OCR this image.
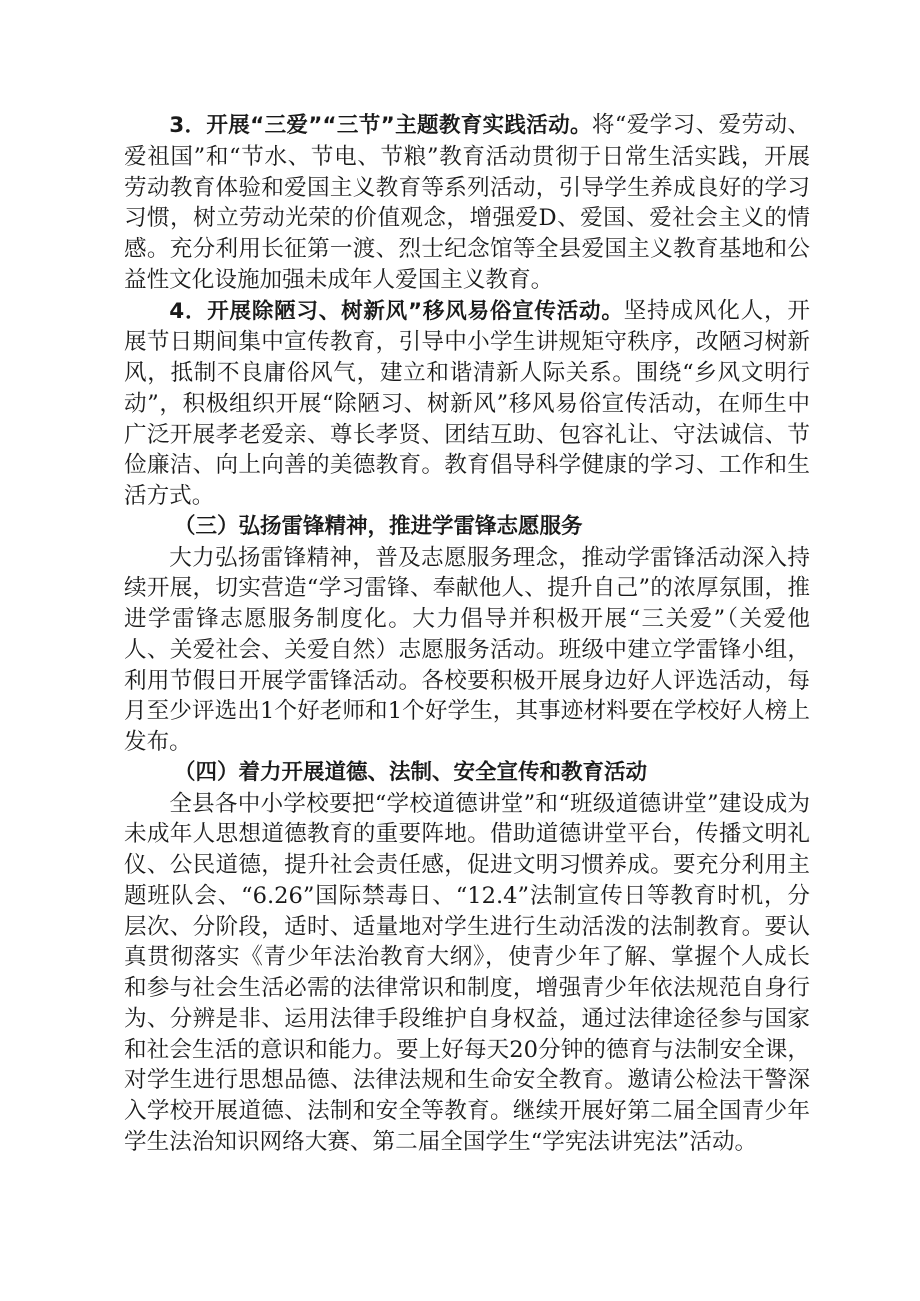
3．开展“三爱”“三节”主题教育实践活动。将“爱学习、爱劳动、爱祖国”和“节水、节电、节粮”教育活动贯彻于日常生活实践，开展劳动教育体验和爱国主义教育等系列活动，引导学生养成良好的学习习惯，树立劳动光荣的价值观念，增强爱D、爱国、爱社会主义的情感。充分利用长征第一渡、烈士纪念馆等全县爱国主义教育基地和公益性文化设施加强未成年人爱国主义教育。

4．开展除陋习、树新风”移风易俗宣传活动。坚持成风化人，开展节日期间集中宣传教育，引导中小学生讲规矩守秩序，改陋习树新风，抵制不良庸俗风气，建立和谐清新人际关系。围绕“乡风文明行动”，积极组织开展“除陋习、树新风”移风易俗宣传活动，在师生中广泛开展孝老爱亲、尊长孝贤、团结互助、包容礼让、守法诚信、节俭廉洁、向上向善的美德教育。教育倡导科学健康的学习、工作和生活方式。

（三）弘扬雷锋精神，推进学雷锋志愿服务

大力弘扬雷锋精神，普及志愿服务理念，推动学雷锋活动深入持续开展，切实营造“学习雷锋、奉献他人、提升自己”的浓厚氛围，推进学雷锋志愿服务制度化。大力倡导并积极开展“三关爱”（关爱他人、关爱社会、关爱自然）志愿服务活动。班级中建立学雷锋小组，利用节假日开展学雷锋活动。各校要积极开展身边好人评选活动，每月至少评选出1个好老师和1个好学生，其事迹材料要在学校好人榜上发布。

（四）着力开展道德、法制、安全宣传和教育活动

全县各中小学校要把“学校道德讲堂”和“班级道德讲堂”建设成为未成年人思想道德教育的重要阵地。借助道德讲堂平台，传播文明礼仪、公民道德，提升社会责任感，促进文明习惯养成。要充分利用主题班队会、“6.26”国际禁毒日、“12.4”法制宣传日等教育时机，分层次、分阶段，适时、适量地对学生进行生动活泼的法制教育。要认真贯彻落实《青少年法治教育大纲》，使青少年了解、掌握个人成长和参与社会生活必需的法律常识和制度，增强青少年依法规范自身行为、分辨是非、运用法律手段维护自身权益，通过法律途径参与国家和社会生活的意识和能力。要上好每天20分钟的德育与法制安全课，对学生进行思想品德、法律法规和生命安全教育。邀请公检法干警深入学校开展道德、法制和安全等教育。继续开展好第二届全国青少年学生法治知识网络大赛、第二届全国学生“学宪法讲宪法”活动。
